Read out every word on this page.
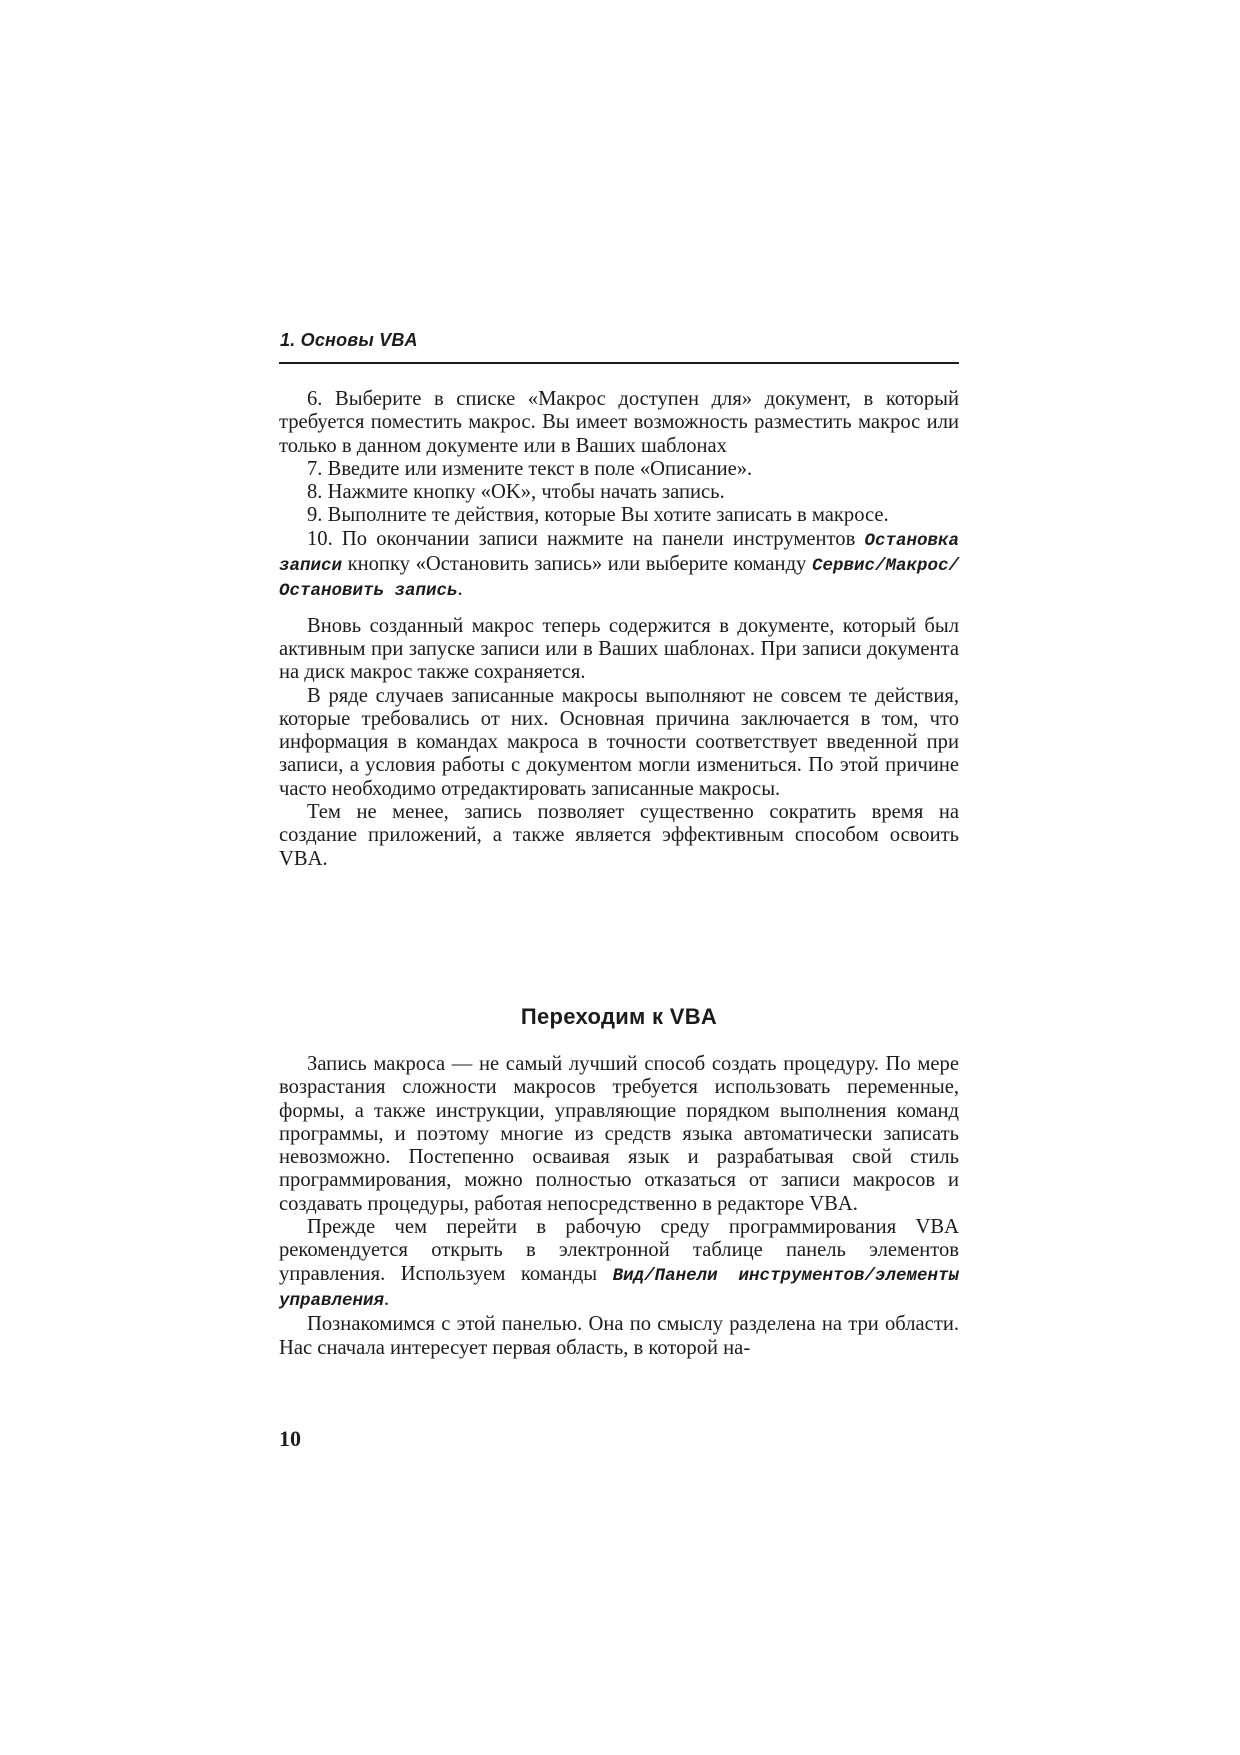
1. Основы VBA

6. Выберите в списке «Макрос доступен для» документ, в который требуется поместить макрос. Вы имеет возможность разместить макрос или только в данном документе или в Ваших шаблонах

7. Введите или измените текст в поле «Описание».

8. Нажмите кнопку «OK», чтобы начать запись.

9. Выполните те действия, которые Вы хотите записать в макросе.

10. По окончании записи нажмите на панели инструментов Остановка записи кнопку «Остановить запись» или выберите команду Сервис/Макрос/Остановить запись.

Вновь созданный макрос теперь содержится в документе, который был активным при запуске записи или в Ваших шаблонах. При записи документа на диск макрос также сохраняется.

В ряде случаев записанные макросы выполняют не совсем те действия, которые требовались от них. Основная причина заключается в том, что информация в командах макроса в точности соответствует введенной при записи, а условия работы с документом могли измениться. По этой причине часто необходимо отредактировать записанные макросы.

Тем не менее, запись позволяет существенно сократить время на создание приложений, а также является эффективным способом освоить VBA.

Переходим к VBA

Запись макроса — не самый лучший способ создать процедуру. По мере возрастания сложности макросов требуется использовать переменные, формы, а также инструкции, управляющие порядком выполнения команд программы, и поэтому многие из средств языка автоматически записать невозможно. Постепенно осваивая язык и разрабатывая свой стиль программирования, можно полностью отказаться от записи макросов и создавать процедуры, работая непосредственно в редакторе VBA.

Прежде чем перейти в рабочую среду программирования VBA рекомендуется открыть в электронной таблице панель элементов управления. Используем команды Вид/Панели инструментов/элементы управления.

Познакомимся с этой панелью. Она по смыслу разделена на три области. Нас сначала интересует первая область, в которой на-

10
